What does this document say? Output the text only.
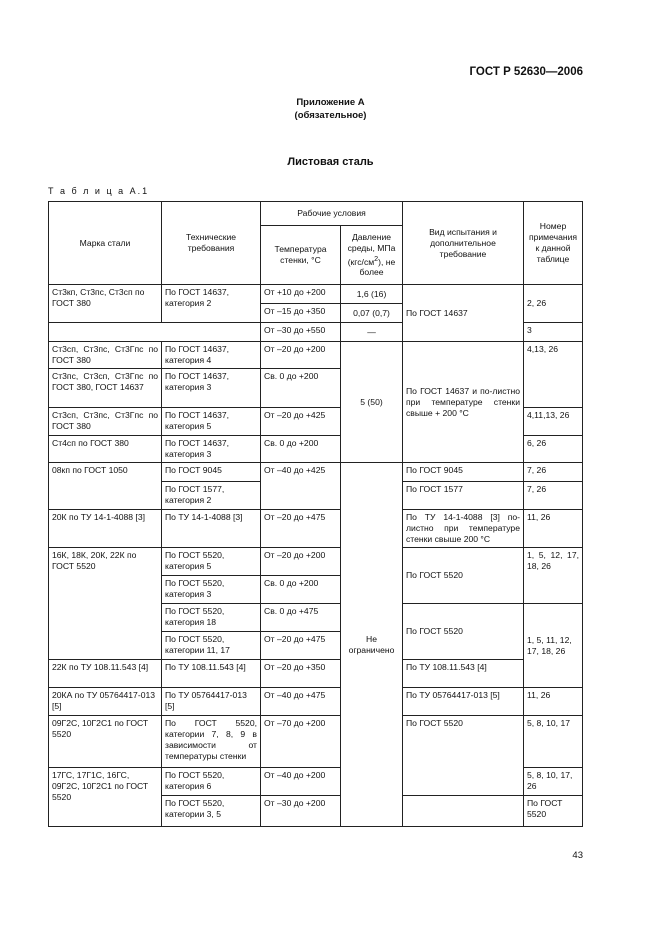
ГОСТ Р 52630—2006
Приложение А
(обязательное)
Листовая сталь
Т а б л и ц а А.1
Марка стали	Технические требования	Рабочие условия		Вид испытания и дополнительное требование	Номер примечания к данной таблице	
		Температура стенки, °С	Давление среды, МПа $(кгс/см^2)$, не более			
Ст3кп, Ст3пс, Ст3сп по ГОСТ 380	По ГОСТ 14637, категория 2	От +10 до +200	1,6 (16)	По ГОСТ 14637	2, 26	
		От –15 до +350	0,07 (0,7)			
		От –30 до +550	—		3	
Ст3сп, Ст3пс, Ст3Гпс по ГОСТ 380	По ГОСТ 14637, категория 4	От –20 до +200	5 (50)	По ГОСТ 14637 и по-листно при температуре стенки свыше + 200 °С	4,13, 26	
Ст3пс, Ст3сп, Ст3Гпс по ГОСТ 380, ГОСТ 14637	По ГОСТ 14637, категория 3	Св. 0 до +200				
Ст3сп, Ст3пс, Ст3Гпс по ГОСТ 380	По ГОСТ 14637, категория 5	От –20 до +425			4,11,13, 26	
Ст4сп по ГОСТ 380	По ГОСТ 14637, категория 3	Св. 0 до +200			6, 26	
08кп по ГОСТ 1050	По ГОСТ 9045	От –40 до +425	Не ограничено	По ГОСТ 9045	7, 26	
	По ГОСТ 1577, категория 2			По ГОСТ 1577	7, 26	
20К по ТУ 14-1-4088 [3]	По ТУ 14-1-4088 [3]	От –20 до +475		По ТУ 14-1-4088 [3] по-листно при температуре стенки свыше 200 °С	11, 26	
16К, 18К, 20К, 22К по ГОСТ 5520	По ГОСТ 5520, категория 5	От –20 до +200		По ГОСТ 5520	1, 5, 12, 17, 18, 26	
	По ГОСТ 5520, категория 3	Св. 0 до +200				
	По ГОСТ 5520, категория 18	Св. 0 до +475		По ГОСТ 5520	1, 5, 11, 12, 17, 18, 26	
	По ГОСТ 5520, категории 11, 17	От –20 до +475				
22К по ТУ 108.11.543 [4]	По ТУ 108.11.543 [4]	От –20 до +350		По ТУ 108.11.543 [4]		
20КА по ТУ 05764417-013 [5]	По ТУ 05764417-013 [5]	От –40 до +475		По ТУ 05764417-013 [5]	11, 26	
09Г2С, 10Г2С1 по ГОСТ 5520	По ГОСТ 5520, категории 7, 8, 9 в зависимости от температуры стенки	От –70 до +200		По ГОСТ 5520	5, 8, 10, 17	
17ГС, 17Г1С, 16ГС, 09Г2С, 10Г2С1 по ГОСТ 5520	По ГОСТ 5520, категория 6	От –40 до +200			5, 8, 10, 17, 26	
	По ГОСТ 5520, категории 3, 5	От –30 до +200			По ГОСТ 5520	
43
